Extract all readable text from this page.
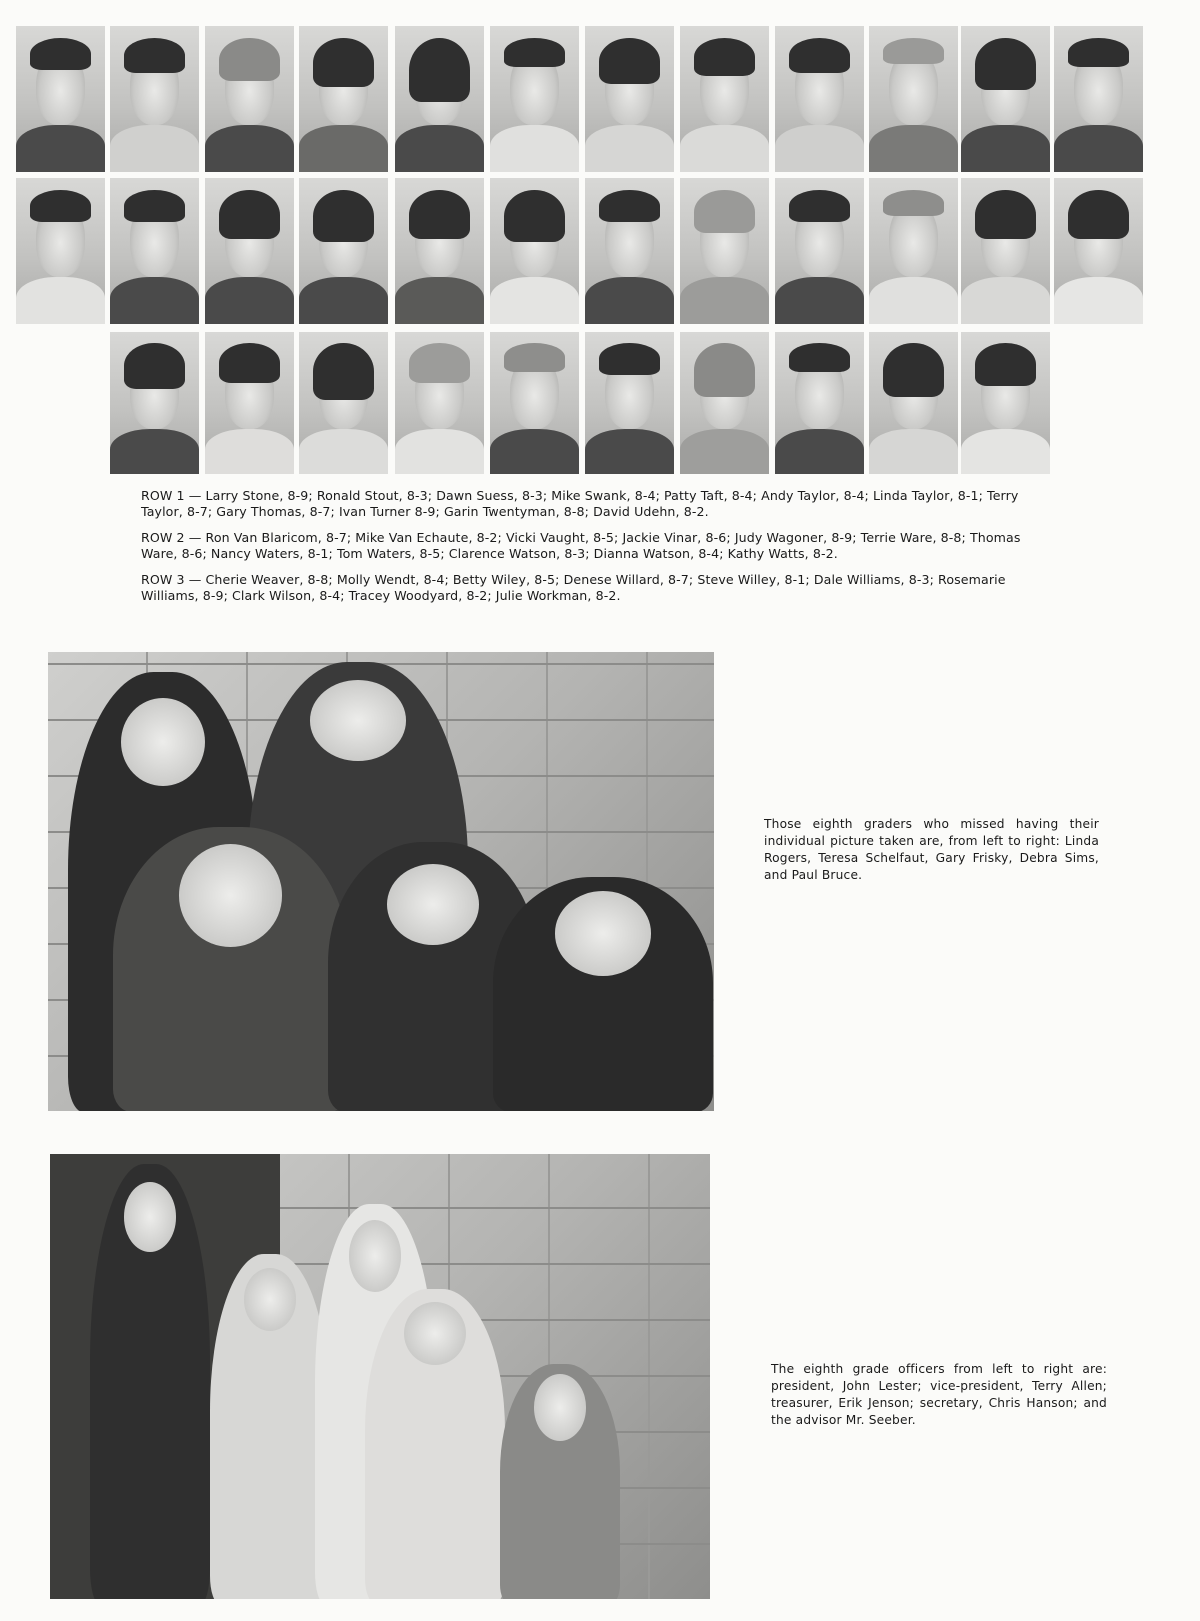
ROW 1 — Larry Stone, 8-9; Ronald Stout, 8-3; Dawn Suess, 8-3; Mike Swank, 8-4; Patty Taft, 8-4; Andy Taylor, 8-4; Linda Taylor, 8-1; Terry Taylor, 8-7; Gary Thomas, 8-7; Ivan Turner 8-9; Garin Twentyman, 8-8; David Udehn, 8-2.

ROW 2 — Ron Van Blaricom, 8-7; Mike Van Echaute, 8-2; Vicki Vaught, 8-5; Jackie Vinar, 8-6; Judy Wagoner, 8-9; Terrie Ware, 8-8; Thomas Ware, 8-6; Nancy Waters, 8-1; Tom Waters, 8-5; Clarence Watson, 8-3; Dianna Watson, 8-4; Kathy Watts, 8-2.

ROW 3 — Cherie Weaver, 8-8; Molly Wendt, 8-4; Betty Wiley, 8-5; Denese Willard, 8-7; Steve Willey, 8-1; Dale Williams, 8-3; Rosemarie Williams, 8-9; Clark Wilson, 8-4; Tracey Woodyard, 8-2; Julie Workman, 8-2.

Those eighth graders who missed having their individual picture taken are, from left to right: Linda Rogers, Teresa Schelfaut, Gary Frisky, Debra Sims, and Paul Bruce.
The eighth grade officers from left to right are: president, John Lester; vice-president, Terry Allen; treasurer, Erik Jenson; secretary, Chris Hanson; and the advisor Mr. Seeber.
